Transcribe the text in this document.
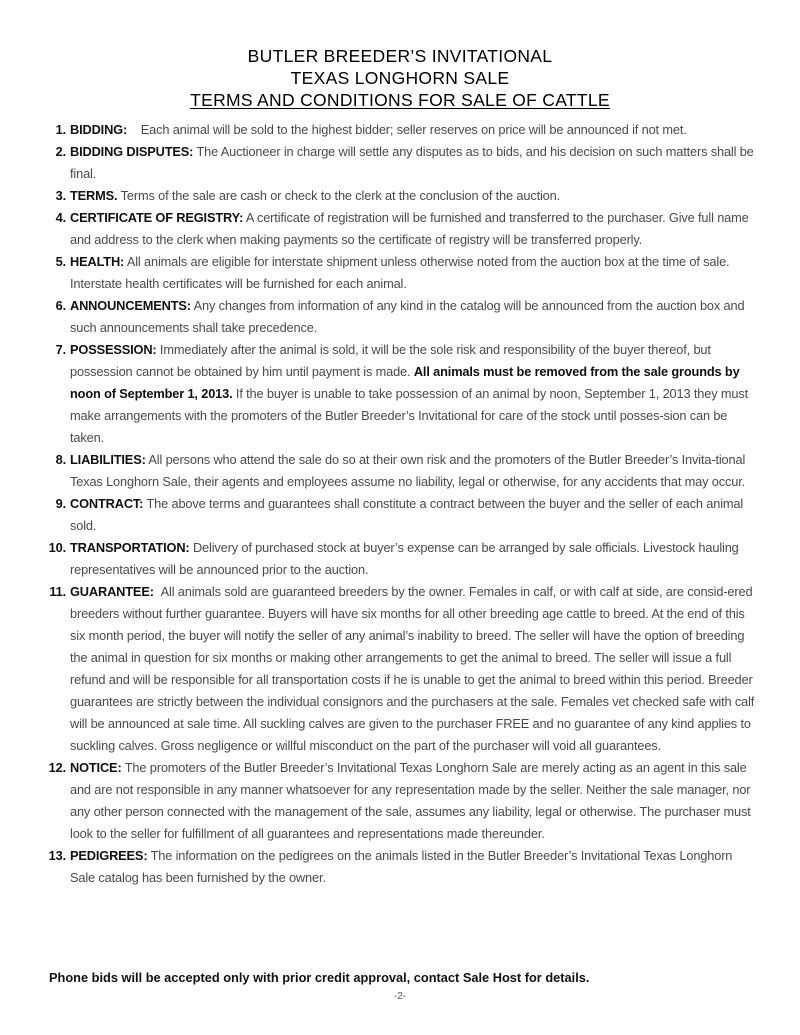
BUTLER BREEDER’S INVITATIONAL
TEXAS LONGHORN SALE
TERMS AND CONDITIONS FOR SALE OF CATTLE
1. BIDDING:    Each animal will be sold to the highest bidder; seller reserves on price will be announced if not met.
2. BIDDING DISPUTES: The Auctioneer in charge will settle any disputes as to bids, and his decision on such matters shall be final.
3. TERMS. Terms of the sale are cash or check to the clerk at the conclusion of the auction.
4. CERTIFICATE OF REGISTRY: A certificate of registration will be furnished and transferred to the purchaser. Give full name and address to the clerk when making payments so the certificate of registry will be transferred properly.
5. HEALTH: All animals are eligible for interstate shipment unless otherwise noted from the auction box at the time of sale. Interstate health certificates will be furnished for each animal.
6. ANNOUNCEMENTS: Any changes from information of any kind in the catalog will be announced from the auction box and such announcements shall take precedence.
7. POSSESSION: Immediately after the animal is sold, it will be the sole risk and responsibility of the buyer thereof, but possession cannot be obtained by him until payment is made. All animals must be removed from the sale grounds by noon of September 1, 2013. If the buyer is unable to take possession of an animal by noon, September 1, 2013 they must make arrangements with the promoters of the Butler Breeder’s Invitational for care of the stock until posses-sion can be taken.
8. LIABILITIES: All persons who attend the sale do so at their own risk and the promoters of the Butler Breeder’s Invita-tional Texas Longhorn Sale, their agents and employees assume no liability, legal or otherwise, for any accidents that may occur.
9. CONTRACT: The above terms and guarantees shall constitute a contract between the buyer and the seller of each animal sold.
10. TRANSPORTATION: Delivery of purchased stock at buyer’s expense can be arranged by sale officials. Livestock hauling representatives will be announced prior to the auction.
11. GUARANTEE:  All animals sold are guaranteed breeders by the owner. Females in calf, or with calf at side, are consid-ered breeders without further guarantee. Buyers will have six months for all other breeding age cattle to breed. At the end of this six month period, the buyer will notify the seller of any animal’s inability to breed. The seller will have the option of breeding the animal in question for six months or making other arrangements to get the animal to breed. The seller will issue a full refund and will be responsible for all transportation costs if he is unable to get the animal to breed within this period. Breeder guarantees are strictly between the individual consignors and the purchasers at the sale. Females vet checked safe with calf will be announced at sale time. All suckling calves are given to the purchaser FREE and no guarantee of any kind applies to suckling calves. Gross negligence or willful misconduct on the part of the purchaser will void all guarantees.
12. NOTICE: The promoters of the Butler Breeder’s Invitational Texas Longhorn Sale are merely acting as an agent in this sale and are not responsible in any manner whatsoever for any representation made by the seller. Neither the sale manager, nor any other person connected with the management of the sale, assumes any liability, legal or otherwise. The purchaser must look to the seller for fulfillment of all guarantees and representations made thereunder.
13. PEDIGREES: The information on the pedigrees on the animals listed in the Butler Breeder’s Invitational Texas Longhorn Sale catalog has been furnished by the owner.
Phone bids will be accepted only with prior credit approval, contact Sale Host for details.
-2-
